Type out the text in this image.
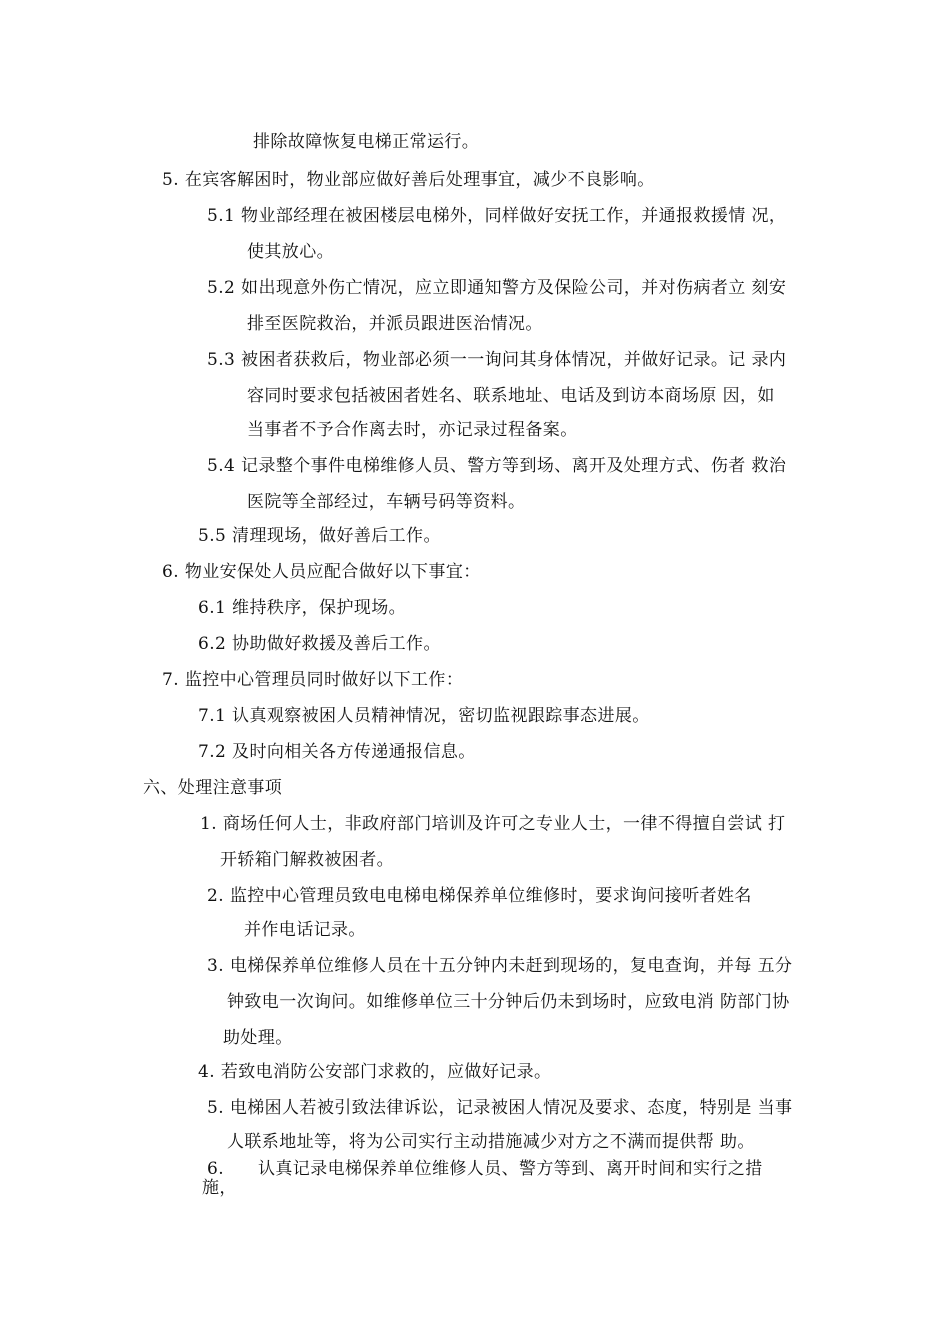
排除故障恢复电梯正常运行。

5. 在宾客解困时，物业部应做好善后处理事宜，减少不良影响。

5.1 物业部经理在被困楼层电梯外，同样做好安抚工作，并通报救援情 况，

使其放心。

5.2 如出现意外伤亡情况，应立即通知警方及保险公司，并对伤病者立 刻安

排至医院救治，并派员跟进医治情况。

5.3 被困者获救后，物业部必须一一询问其身体情况，并做好记录。记 录内

容同时要求包括被困者姓名、联系地址、电话及到访本商场原 因，如

当事者不予合作离去时，亦记录过程备案。

5.4 记录整个事件电梯维修人员、警方等到场、离开及处理方式、伤者 救治

医院等全部经过，车辆号码等资料。

5.5 清理现场，做好善后工作。

6. 物业安保处人员应配合做好以下事宜：

6.1 维持秩序，保护现场。

6.2 协助做好救援及善后工作。

7. 监控中心管理员同时做好以下工作：

7.1 认真观察被困人员精神情况，密切监视跟踪事态进展。

7.2 及时向相关各方传递通报信息。

六、处理注意事项

1. 商场任何人士，非政府部门培训及许可之专业人士，一律不得擅自尝试 打

开轿箱门解救被困者。

2. 监控中心管理员致电电梯电梯保养单位维修时，要求询问接听者姓名

并作电话记录。

3. 电梯保养单位维修人员在十五分钟内未赶到现场的，复电查询，并每 五分

钟致电一次询问。如维修单位三十分钟后仍未到场时，应致电消 防部门协

助处理。

4. 若致电消防公安部门求救的，应做好记录。

5. 电梯困人若被引致法律诉讼，记录被困人情况及要求、态度，特别是 当事

人联系地址等，将为公司实行主动措施减少对方之不满而提供帮 助。

6. 认真记录电梯保养单位维修人员、警方等到、离开时间和实行之措

施，
